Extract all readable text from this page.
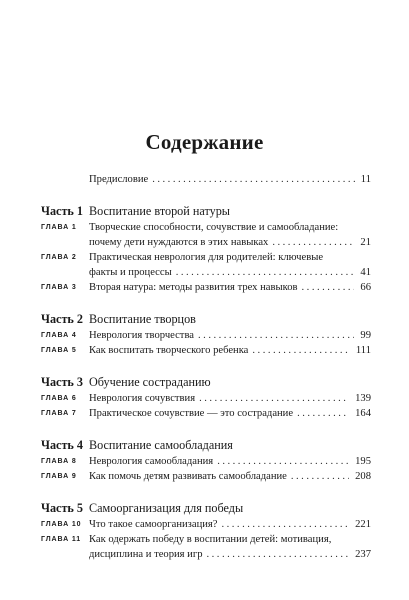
Содержание
Предисловие .....	11
Часть 1 Воспитание второй натуры
ГЛАВА 1	Творческие способности, сочувствие и самообладание:
почему дети нуждаются в этих навыках .....	21
ГЛАВА 2	Практическая неврология для родителей: ключевые
факты и процессы .....	41
ГЛАВА 3	Вторая натура: методы развития трех навыков .....	66
Часть 2 Воспитание творцов
ГЛАВА 4	Неврология творчества .....	99
ГЛАВА 5	Как воспитать творческого ребенка .....	111
Часть 3 Обучение состраданию
ГЛАВА 6	Неврология сочувствия .....	139
ГЛАВА 7	Практическое сочувствие — это сострадание .....	164
Часть 4 Воспитание самообладания
ГЛАВА 8	Неврология самообладания .....	195
ГЛАВА 9	Как помочь детям развивать самообладание .....	208
Часть 5 Самоорганизация для победы
ГЛАВА 10 Что такое самоорганизация? .....	221
ГЛАВА 11 Как одержать победу в воспитании детей: мотивация,
дисциплина и теория игр .....	237
